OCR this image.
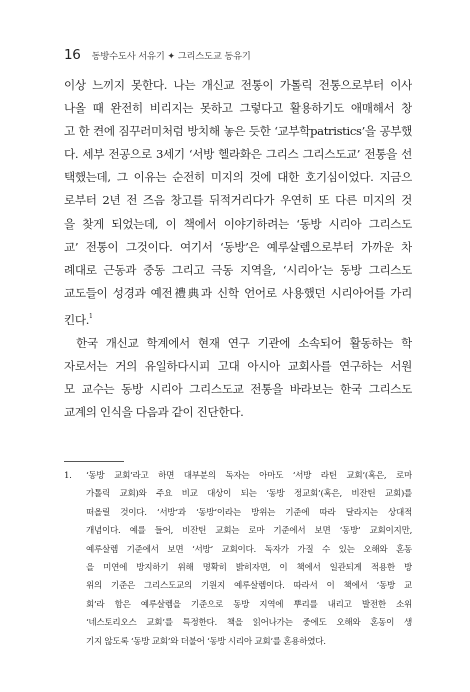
16 동방수도사 서유기 ✦ 그리스도교 동유기
이상 느끼지 못한다. 나는 개신교 전통이 가톨릭 전통으로부터 이사
나올 때 완전히 비리지는 못하고 그렇다고 활용하기도 애매해서 창
고 한 켠에 짐꾸러미처럼 방치해 놓은 듯한 ‘교부학patristics’을 공부했
다. 세부 전공으로 3세기 ‘서방 헬라화은 그리스 그리스도교’ 전통을 선
택했는데, 그 이유는 순전히 미지의 것에 대한 호기심이었다. 지금으
로부터 2년 전 즈음 창고를 뒤적거리다가 우연히 또 다른 미지의 것
을 찾게 되었는데, 이 책에서 이야기하려는 ‘동방 시리아 그리스도
교’ 전통이 그것이다. 여기서 ‘동방’은 예루살렘으로부터 가까운 차
례대로 근동과 중동 그리고 극동 지역을, ‘시리아’는 동방 그리스도
교도들이 성경과 예전禮典과 신학 언어로 사용했던 시리아어를 가리
킨다.$^1$
한국 개신교 학계에서 현재 연구 기관에 소속되어 활동하는 학
자로서는 거의 유일하다시피 고대 아시아 교회사를 연구하는 서원
모 교수는 동방 시리아 그리스도교 전통을 바라보는 한국 그리스도
교계의 인식을 다음과 같이 진단한다.
1.	‘동방 교회’라고 하면 대부분의 독자는 아마도 ‘서방 라틴 교회’(혹은, 로마
가톨릭 교회)와 주요 비교 대상이 되는 ‘동방 정교회’(혹은, 비잔틴 교회)를
떠올릴 것이다. ‘서방’과 ‘동방’이라는 방위는 기준에 따라 달라지는 상대적
개념이다. 예를 들어, 비잔틴 교회는 로마 기준에서 보면 ‘동방’ 교회이지만,
예루살렘 기준에서 보면 ‘서방’ 교회이다. 독자가 가질 수 있는 오해와 혼동
을 미연에 방지하기 위해 명확히 밝히자면, 이 책에서 일관되게 적용한 방
위의 기준은 그리스도교의 기원지 예루살렘이다. 따라서 이 책에서 ‘동방 교
회’라 함은 예루살렘을 기준으로 동방 지역에 뿌리를 내리고 발전한 소위
‘네스토리오스 교회’를 특정한다. 책을 읽어나가는 중에도 오해와 혼동이 생
기지 않도록 ‘동방 교회’와 더불어 ‘동방 시리아 교회’를 혼용하였다.
